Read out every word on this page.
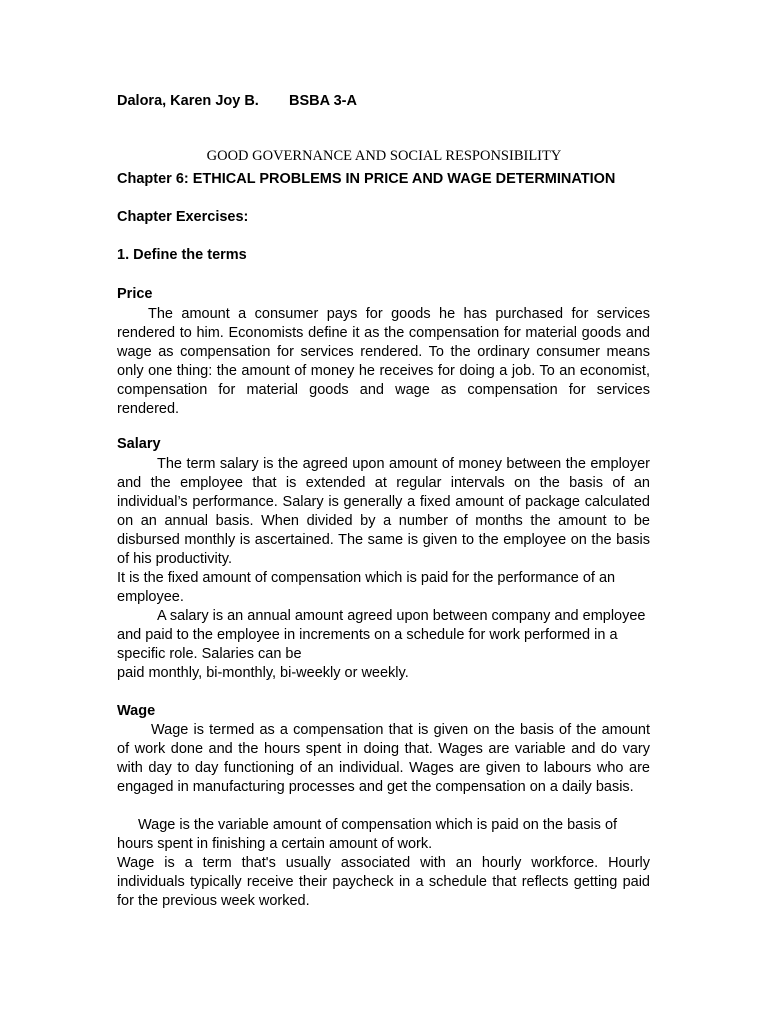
Dalora, Karen Joy B. BSBA 3-A

GOOD GOVERNANCE AND SOCIAL RESPONSIBILITY

Chapter 6: ETHICAL PROBLEMS IN PRICE AND WAGE DETERMINATION

Chapter Exercises:

1. Define the terms

Price

The amount a consumer pays for goods he has purchased for services rendered to him. Economists define it as the compensation for material goods and wage as compensation for services rendered. To the ordinary consumer means only one thing: the amount of money he receives for doing a job. To an economist, compensation for material goods and wage as compensation for services rendered.

Salary

The term salary is the agreed upon amount of money between the employer and the employee that is extended at regular intervals on the basis of an individual’s performance. Salary is generally a fixed amount of package calculated on an annual basis. When divided by a number of months the amount to be disbursed monthly is ascertained. The same is given to the employee on the basis of his productivity.

It is the fixed amount of compensation which is paid for the performance of an employee.

A salary is an annual amount agreed upon between company and employee and paid to the employee in increments on a schedule for work performed in a specific role. Salaries can be

paid monthly, bi-monthly, bi-weekly or weekly.

Wage

Wage is termed as a compensation that is given on the basis of the amount of work done and the hours spent in doing that. Wages are variable and do vary with day to day functioning of an individual. Wages are given to labours who are engaged in manufacturing processes and get the compensation on a daily basis.

Wage is the variable amount of compensation which is paid on the basis of hours spent in finishing a certain amount of work.

Wage is a term that's usually associated with an hourly workforce. Hourly individuals typically receive their paycheck in a schedule that reflects getting paid for the previous week worked.
